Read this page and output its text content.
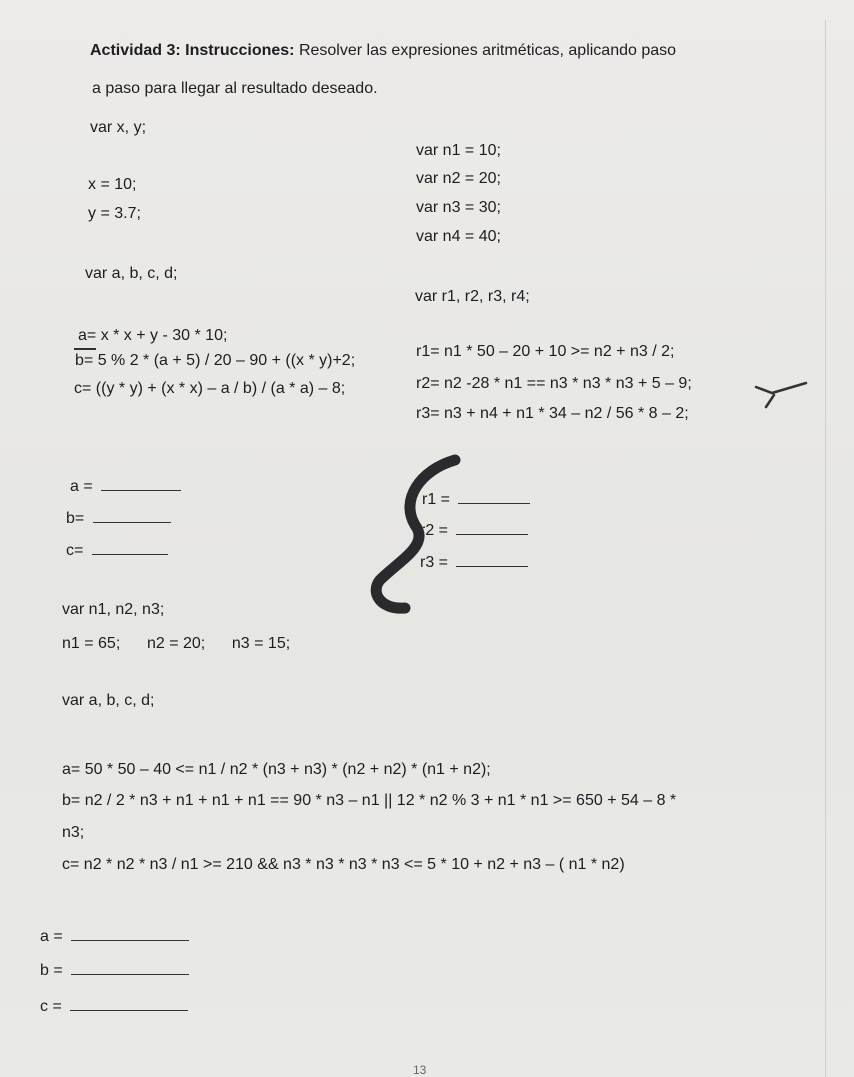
Actividad 3: Instrucciones: Resolver las expresiones aritméticas, aplicando paso
a paso para llegar al resultado deseado.
var x, y;
var n1 = 10;
x = 10;	var n2 = 20;
var n3 = 30;
y = 3.7;
var n4 = 40;
var a, b, c, d;
var r1, r2, r3, r4;
a= x * x + y - 30 * 10;
b= 5 % 2 * (a + 5) / 20 – 90 + ((x * y)+2;
c= ((y * y) + (x * x) – a / b) / (a * a) – 8;
r1= n1 * 50 – 20 + 10 >= n2 + n3 / 2;
r2= n2 -28 * n1 == n3 * n3 * n3 + 5 – 9;
r3= n3 + n4 + n1 * 34 – n2 / 56 * 8 – 2;
a =
b=
c=
r1 =
r2 =
r3 =
var n1, n2, n3;
n1 = 65;      n2 = 20;      n3 = 15;
var a, b, c, d;
a= 50 * 50 – 40 <= n1 / n2 * (n3 + n3) * (n2 + n2) * (n1 + n2);
b= n2 / 2 * n3 + n1 + n1 + n1 == 90 * n3 – n1 || 12 * n2 % 3 + n1 * n1 >= 650 + 54 – 8 *
n3;
c= n2 * n2 * n3 / n1 >= 210 && n3 * n3 * n3 * n3 <= 5 * 10 + n2 + n3 – ( n1 * n2)
a =
b =
c =
13
